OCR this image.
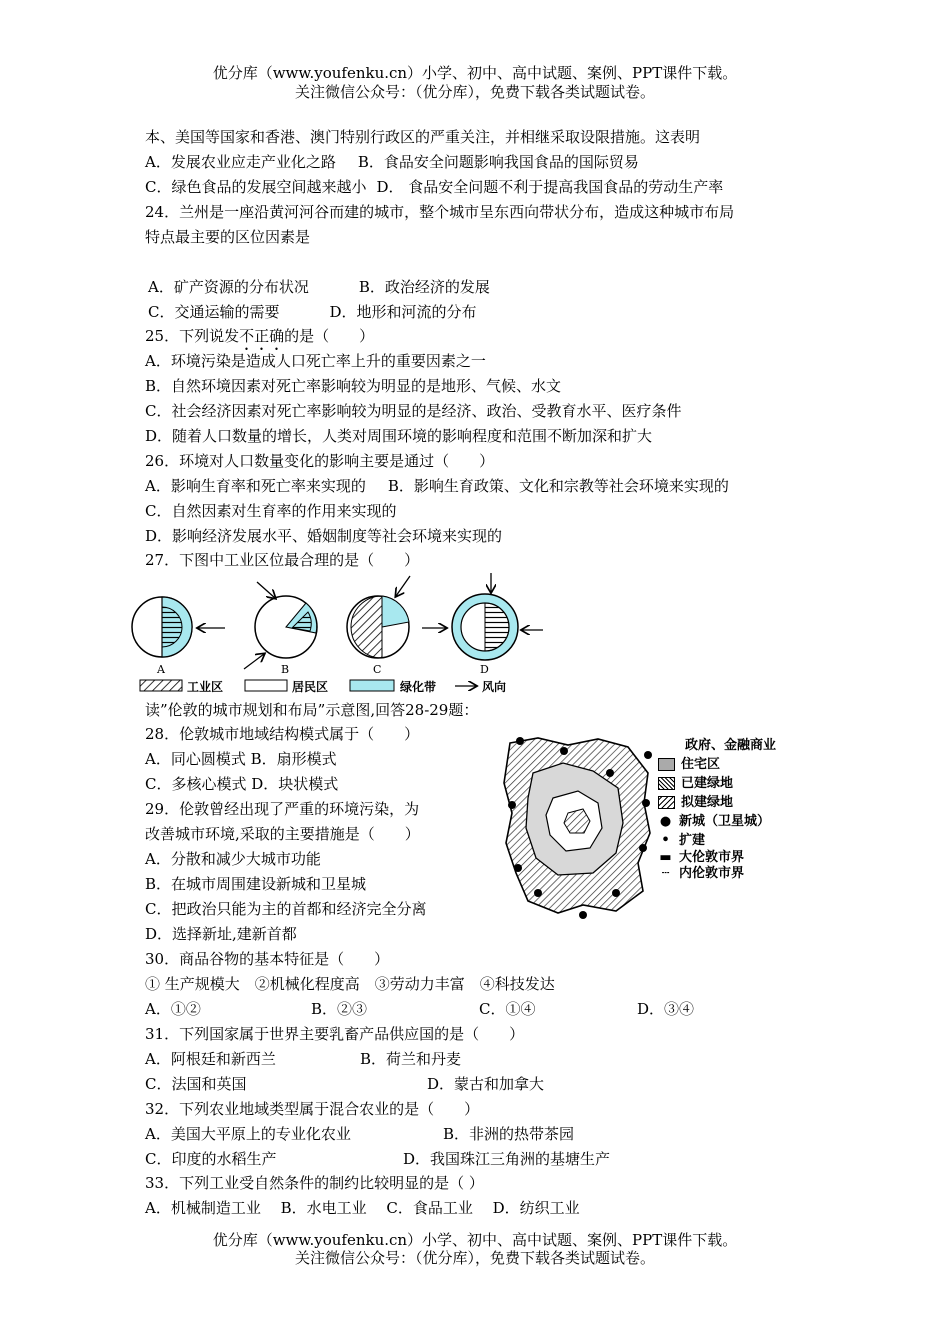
优分库（www.youfenku.cn）小学、初中、高中试题、案例、PPT课件下载。
关注微信公众号：（优分库），免费下载各类试题试卷。
本、美国等国家和香港、澳门特别行政区的严重关注，并相继采取设限措施。这表明
A．发展农业应走产业化之路 B．食品安全问题影响我国食品的国际贸易
C．绿色食品的发展空间越来越小 D． 食品安全问题不利于提高我国食品的劳动生产率
24．兰州是一座沿黄河河谷而建的城市，整个城市呈东西向带状分布，造成这种城市布局
特点最主要的区位因素是
A．矿产资源的分布状况	B．政治经济的发展
C．交通运输的需要	D．地形和河流的分布
25．下列说发不正确的是（　　）
A．环境污染是造成人口死亡率上升的重要因素之一
B．自然环境因素对死亡率影响较为明显的是地形、气候、水文
C．社会经济因素对死亡率影响较为明显的是经济、政治、受教育水平、医疗条件
D．随着人口数量的增长，人类对周围环境的影响程度和范围不断加深和扩大
26．环境对人口数量变化的影响主要是通过（　　）
A．影响生育率和死亡率来实现的 B．影响生育政策、文化和宗教等社会环境来实现的
C．自然因素对生育率的作用来实现的
D．影响经济发展水平、婚姻制度等社会环境来实现的
27．下图中工业区位最合理的是（　　）
A	B	C	D
工业区	居民区	绿化带	风向
读”伦敦的城市规划和布局”示意图,回答28-29题：
28．伦敦城市地域结构模式属于（　　）
A．同心圆模式 B．扇形模式
C．多核心模式 D．块状模式
29．伦敦曾经出现了严重的环境污染，为
改善城市环境,采取的主要措施是（　　）
A．分散和减少大城市功能
B．在城市周围建设新城和卫星城
C．把政治只能为主的首都和经济完全分离
D．选择新址,建新首都
政府、金融商业
住宅区
已建绿地
拟建绿地
● 新城（卫星城）
• 扩建
▬ 大伦敦市界
┄ 内伦敦市界
30．商品谷物的基本特征是（　　）
① 生产规模大　②机械化程度高　③劳动力丰富　④科技发达
A．①②	B．②③	C．①④	D．③④
31．下列国家属于世界主要乳畜产品供应国的是（　　）
A．阿根廷和新西兰	B．荷兰和丹麦
C．法国和英国	D．蒙古和加拿大
32．下列农业地域类型属于混合农业的是（　　）
A．美国大平原上的专业化农业	B．非洲的热带茶园
C．印度的水稻生产	D．我国珠江三角洲的基塘生产
33．下列工业受自然条件的制约比较明显的是（ ）
A．机械制造工业　 B．水电工业　 C．食品工业　 D．纺织工业
优分库（www.youfenku.cn）小学、初中、高中试题、案例、PPT课件下载。
关注微信公众号：（优分库），免费下载各类试题试卷。
